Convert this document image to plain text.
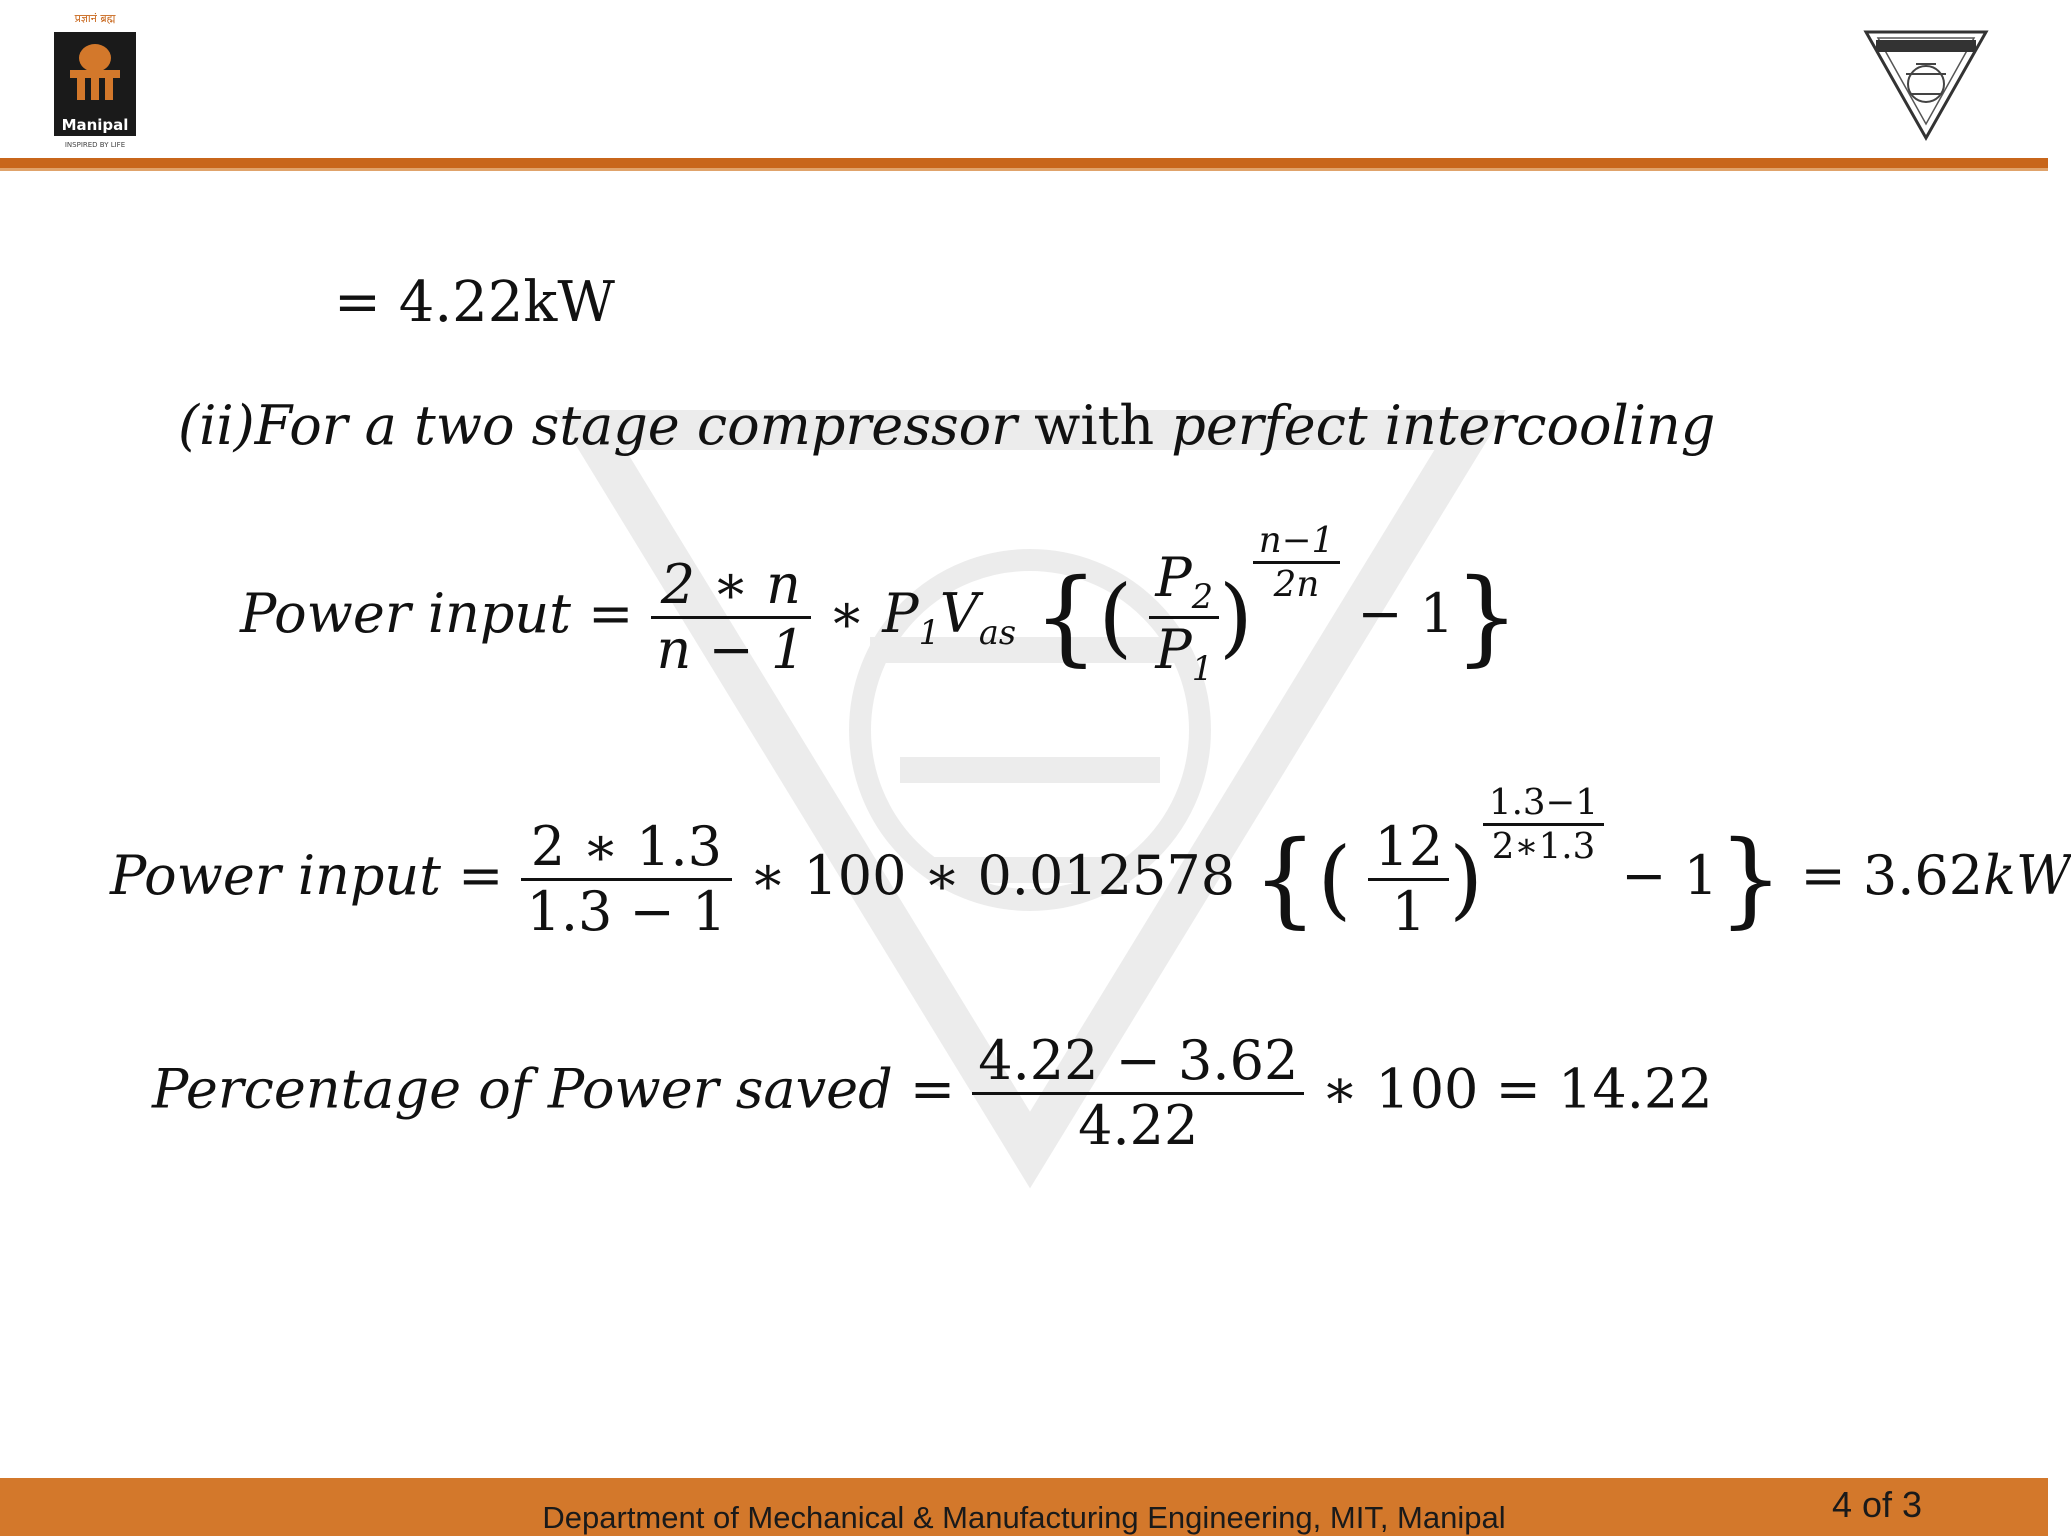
प्रज्ञानं ब्रह्म
Manipal
INSPIRED BY LIFE
= 4.22kW
(ii)For a two stage compressor with perfect intercooling
Power input = $\frac{2 ∗ n}{n - 1}$ ∗ $P_1V_{as}$ {( $\frac{P_2}{P_1}$ )
$\frac{n-1}{2n}$
− 1}
Power input = $\frac{2 ∗ 1.3}{1.3 - 1}$ ∗ 100 ∗ 0.012578 {( $\frac{12}{1}$ )
$\frac{1.3-1}{2∗1.3}$
− 1} = 3.62kW
Percentage of Power saved = $\frac{4.22 - 3.62}{4.22}$ ∗ 100 = 14.22
Department of Mechanical & Manufacturing Engineering, MIT, Manipal	4 of 3
